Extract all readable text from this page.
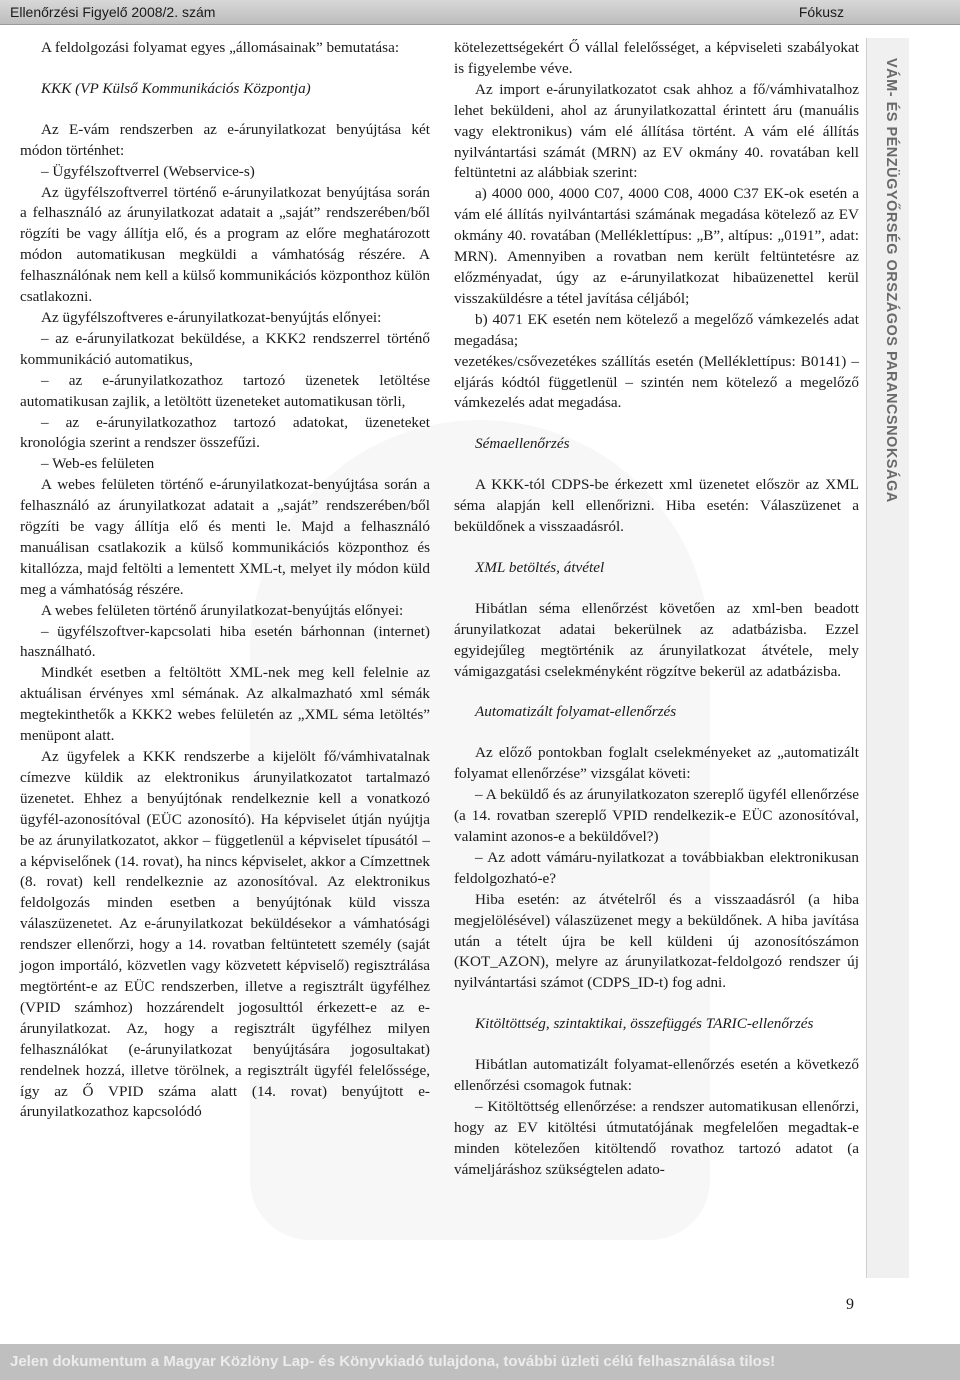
Ellenőrzési Figyelő 2008/2. szám	Fókusz

A feldolgozási folyamat egyes „állomásainak” bemutatása:

KKK (VP Külső Kommunikációs Központja)

Az E-vám rendszerben az e-árunyilatkozat benyújtása két módon történhet:

– Ügyfélszoftverrel (Webservice-s)

Az ügyfélszoftverrel történő e-árunyilatkozat benyújtása során a felhasználó az árunyilatkozat adatait a „saját” rendszerében/ből rögzíti be vagy állítja elő, és a program az előre meghatározott módon automatikusan megküldi a vámhatóság részére. A felhasználónak nem kell a külső kommunikációs központhoz külön csatlakozni.

Az ügyfélszoftveres e-árunyilatkozat-benyújtás előnyei:

– az e-árunyilatkozat beküldése, a KKK2 rendszerrel történő kommunikáció automatikus,

– az e-árunyilatkozathoz tartozó üzenetek letöltése automatikusan zajlik, a letöltött üzeneteket automatikusan törli,

– az e-árunyilatkozathoz tartozó adatokat, üzeneteket kronológia szerint a rendszer összefűzi.

– Web-es felületen

A webes felületen történő e-árunyilatkozat-benyújtása során a felhasználó az árunyilatkozat adatait a „saját” rendszerében/ből rögzíti be vagy állítja elő és menti le. Majd a felhasználó manuálisan csatlakozik a külső kommunikációs központhoz és kitallózza, majd feltölti a lementett XML-t, melyet ily módon küld meg a vámhatóság részére.

A webes felületen történő árunyilatkozat-benyújtás előnyei:

– ügyfélszoftver-kapcsolati hiba esetén bárhonnan (internet) használható.

Mindkét esetben a feltöltött XML-nek meg kell felelnie az aktuálisan érvényes xml sémának. Az alkalmazható xml sémák megtekinthetők a KKK2 webes felületén az „XML séma letöltés” menüpont alatt.

Az ügyfelek a KKK rendszerbe a kijelölt fő/vámhivatalnak címezve küldik az elektronikus árunyilatkozatot tartalmazó üzenetet. Ehhez a benyújtónak rendelkeznie kell a vonatkozó ügyfél-azonosítóval (EÜC azonosító). Ha képviselet útján nyújtja be az árunyilatkozatot, akkor – függetlenül a képviselet típusától – a képviselőnek (14. rovat), ha nincs képviselet, akkor a Címzettnek (8. rovat) kell rendelkeznie az azonosítóval. Az elektronikus feldolgozás minden esetben a benyújtónak küld vissza válaszüzenetet. Az e-árunyilatkozat beküldésekor a vámhatósági rendszer ellenőrzi, hogy a 14. rovatban feltüntetett személy (saját jogon importáló, közvetlen vagy közvetett képviselő) regisztrálása megtörtént-e az EÜC rendszerben, illetve a regisztrált ügyfélhez (VPID számhoz) hozzárendelt jogosulttól érkezett-e az e-árunyilatkozat. Az, hogy a regisztrált ügyfélhez milyen felhasználókat (e-árunyilatkozat benyújtására jogosultakat) rendelnek hozzá, illetve törölnek, a regisztrált ügyfél felelőssége, így az Ő VPID száma alatt (14. rovat) benyújtott e-árunyilatkozathoz kapcsolódó

kötelezettségekért Ő vállal felelősséget, a képviseleti szabályokat is figyelembe véve.

Az import e-árunyilatkozatot csak ahhoz a fő/vámhivatalhoz lehet beküldeni, ahol az árunyilatkozattal érintett áru (manuális vagy elektronikus) vám elé állítása történt. A vám elé állítás nyilvántartási számát (MRN) az EV okmány 40. rovatában kell feltüntetni az alábbiak szerint:

a) 4000 000, 4000 C07, 4000 C08, 4000 C37 EK-ok esetén a vám elé állítás nyilvántartási számának megadása kötelező az EV okmány 40. rovatában (Melléklettípus: „B”, altípus: „0191”, adat: MRN). Amennyiben a rovatban nem került feltüntetésre az előzményadat, úgy az e-árunyilatkozat hibaüzenettel kerül visszaküldésre a tétel javítása céljából;

b) 4071 EK esetén nem kötelező a megelőző vámkezelés adat megadása;

vezetékes/csővezetékes szállítás esetén (Melléklettípus: B0141) – eljárás kódtól függetlenül – szintén nem kötelező a megelőző vámkezelés adat megadása.

Sémaellenőrzés

A KKK-tól CDPS-be érkezett xml üzenetet először az XML séma alapján kell ellenőrizni. Hiba esetén: Válaszüzenet a beküldőnek a visszaadásról.

XML betöltés, átvétel

Hibátlan séma ellenőrzést követően az xml-ben beadott árunyilatkozat adatai bekerülnek az adatbázisba. Ezzel egyidejűleg megtörténik az árunyilatkozat átvétele, mely vámigazgatási cselekményként rögzítve bekerül az adatbázisba.

Automatizált folyamat-ellenőrzés

Az előző pontokban foglalt cselekményeket az „automatizált folyamat ellenőrzése” vizsgálat követi:

– A beküldő és az árunyilatkozaton szereplő ügyfél ellenőrzése (a 14. rovatban szereplő VPID rendelkezik-e EÜC azonosítóval, valamint azonos-e a beküldővel?)

– Az adott vámáru-nyilatkozat a továbbiakban elektronikusan feldolgozható-e?

Hiba esetén: az átvételről és a visszaadásról (a hiba megjelölésével) válaszüzenet megy a beküldőnek. A hiba javítása után a tételt újra be kell küldeni új azonosítószámon (KOT_AZON), melyre az árunyilatkozat-feldolgozó rendszer új nyilvántartási számot (CDPS_ID-t) fog adni.

Kitöltöttség, szintaktikai, összefüggés TARIC-ellenőrzés

Hibátlan automatizált folyamat-ellenőrzés esetén a következő ellenőrzési csomagok futnak:

– Kitöltöttség ellenőrzése: a rendszer automatikusan ellenőrzi, hogy az EV kitöltési útmutatójának megfelelően megadtak-e minden kötelezően kitöltendő rovathoz tartozó adatot (a vámeljáráshoz szükségtelen adato-

VÁM- ÉS PÉNZÜGYŐRSÉG ORSZÁGOS PARANCSNOKSÁGA
9
Jelen dokumentum a Magyar Közlöny Lap- és Könyvkiadó tulajdona, további üzleti célú felhasználása tilos!
